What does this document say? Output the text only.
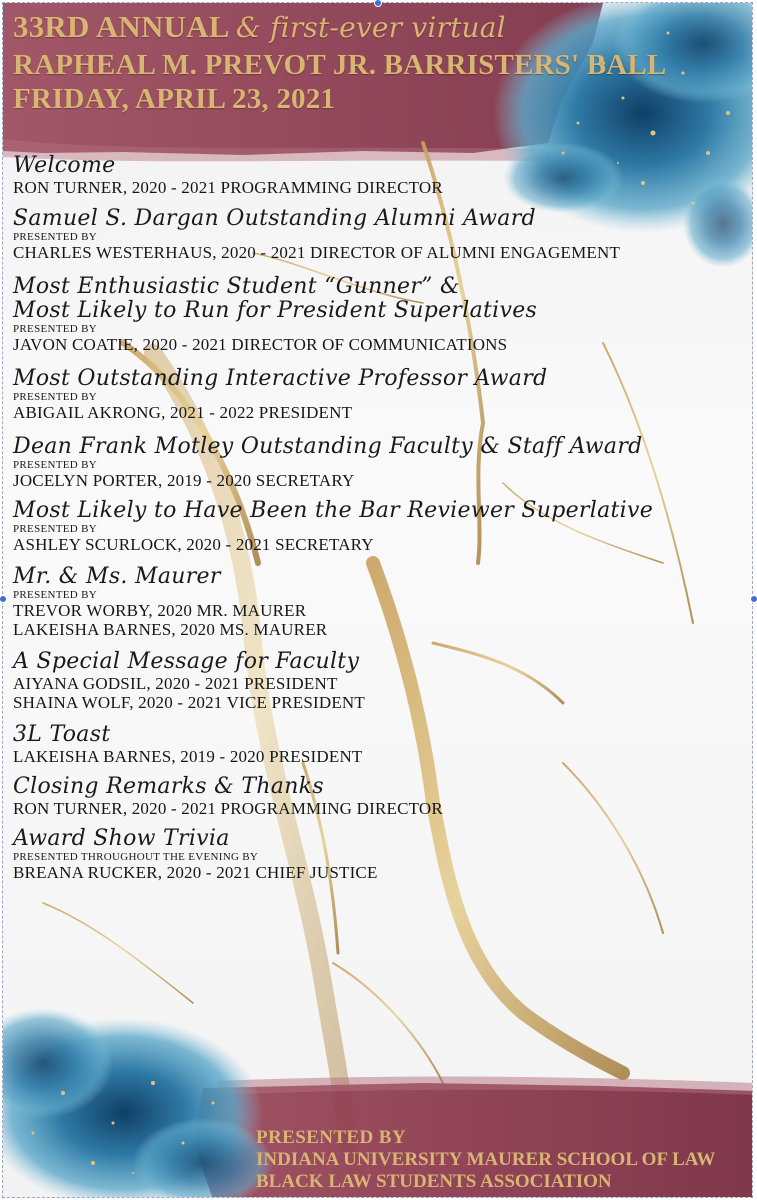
33RD ANNUAL & first-ever virtual
RAPHEAL M. PREVOT JR. BARRISTERS' BALL
FRIDAY, APRIL 23, 2021
Welcome
RON TURNER, 2020 - 2021 PROGRAMMING DIRECTOR
Samuel S. Dargan Outstanding Alumni Award
PRESENTED BY
CHARLES WESTERHAUS, 2020 - 2021 DIRECTOR OF ALUMNI ENGAGEMENT
Most Enthusiastic Student “Gunner” &
Most Likely to Run for President Superlatives
PRESENTED BY
JAVON COATIE, 2020 - 2021 DIRECTOR OF COMMUNICATIONS
Most Outstanding Interactive Professor Award
PRESENTED BY
ABIGAIL AKRONG, 2021 - 2022 PRESIDENT
Dean Frank Motley Outstanding Faculty & Staff Award
PRESENTED BY
JOCELYN PORTER, 2019 - 2020 SECRETARY
Most Likely to Have Been the Bar Reviewer Superlative
PRESENTED BY
ASHLEY SCURLOCK, 2020 - 2021 SECRETARY
Mr. & Ms. Maurer
PRESENTED BY
TREVOR WORBY, 2020 MR. MAURER
LAKEISHA BARNES, 2020 MS. MAURER
A Special Message for Faculty
AIYANA GODSIL, 2020 - 2021 PRESIDENT
SHAINA WOLF, 2020 - 2021 VICE PRESIDENT
3L Toast
LAKEISHA BARNES, 2019 - 2020 PRESIDENT
Closing Remarks & Thanks
RON TURNER, 2020 - 2021 PROGRAMMING DIRECTOR
Award Show Trivia
PRESENTED THROUGHOUT THE EVENING BY
BREANA RUCKER, 2020 - 2021 CHIEF JUSTICE
PRESENTED BY
INDIANA UNIVERSITY MAURER SCHOOL OF LAW
BLACK LAW STUDENTS ASSOCIATION
